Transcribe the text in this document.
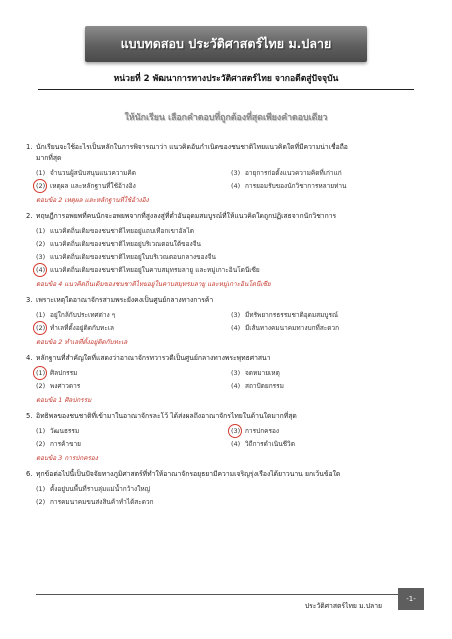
แบบทดสอบ ประวัติศาสตร์ไทย ม.ปลาย
หน่วยที่ 2 พัฒนาการทางประวัติศาสตร์ไทย จากอดีตสู่ปัจจุบัน
ให้นักเรียน เลือกคำตอบที่ถูกต้องที่สุดเพียงคำตอบเดียว
1. นักเรียนจะใช้อะไรเป็นหลักในการพิจารณาว่า แนวคิดอันกำเนิดของชนชาติไทยแนวคิดใดที่มีความน่าเชื่อถือ
มากที่สุด
(1) จำนวนผู้สนับสนุนแนวความคิด	(3) อายุการก่อตั้งแนวความคิดที่เก่าแก่
(2) เหตุผล และหลักฐานที่ใช้อ้างอิง	(4) การยอมรับของนักวิชาการหลายท่าน
ตอบข้อ 2 เหตุผล และหลักฐานที่ใช้อ้างอิง
2. ทฤษฎีการอพยพที่คนนักจะอพยพจากที่สูงลงสู่ที่ต่ำอันอุดมสมบูรณ์ที่ให้แนวคิดใดถูกปฏิเสธจากนักวิชาการ
(1) แนวคิดถิ่นเดิมของชนชาติไทยอยู่แถบเทือกเขาอัลไต
(2) แนวคิดถิ่นเดิมของชนชาติไทยอยู่บริเวณตอนใต้ของจีน
(3) แนวคิดถิ่นเดิมของชนชาติไทยอยู่ในบริเวณตอนกลางของจีน
(4) แนวคิดถิ่นเดิมของชนชาติไทยอยู่ในคาบสมุทรมลายู และหมู่เกาะอินโดนีเซีย
ตอบข้อ 4 แนวคิดถิ่นเดิมของชนชาติไทยอยู่ในคาบสมุทรมลายู และหมู่เกาะอินโดนีเซีย
3. เพราะเหตุใดอาณาจักรสามพระยังคงเป็นศูนย์กลางทางการค้า
(1) อยู่ใกล้กับประเทศต่าง ๆ	(3) มีทรัพยากรธรรมชาติอุดมสมบูรณ์
(2) ทำเลที่ตั้งอยู่ติดกับทะเล	(4) มีเส้นทางคมนาคมทางบกที่สะดวก
ตอบข้อ 2 ทำเลที่ตั้งอยู่ติดกับทะเล
4. หลักฐานที่สำคัญใดที่แสดงว่าอาณาจักรทวารวดีเป็นศูนย์กลางทางพระพุทธศาสนา
(1) ศิลปกรรม	(3) จดหมายเหตุ
(2) พงศาวดาร	(4) สถาปัตยกรรม
ตอบข้อ 1 ศิลปกรรม
5. อิทธิพลของชนชาติที่เข้ามาในอาณาจักรละโว้ ได้ส่งผลถึงอาณาจักรไทยในด้านใดมากที่สุด
(1) วัฒนธรรม	(3) การปกครอง
(2) การค้าขาย	(4) วิถีการดำเนินชีวิต
ตอบข้อ 3 การปกครอง
6. ทุกข้อต่อไปนี้เป็นปัจจัยทางภูมิศาสตร์ที่ทำให้อาณาจักรอยุธยามีความเจริญรุ่งเรืองได้ยาวนาน ยกเว้นข้อใด
(1) ตั้งอยู่บนพื้นที่ราบลุ่มแม่น้ำกว้างใหญ่
(2) การคมนาคมขนส่งสินค้าทำได้สะดวก
ประวัติศาสตร์ไทย ม.ปลาย
-1-
